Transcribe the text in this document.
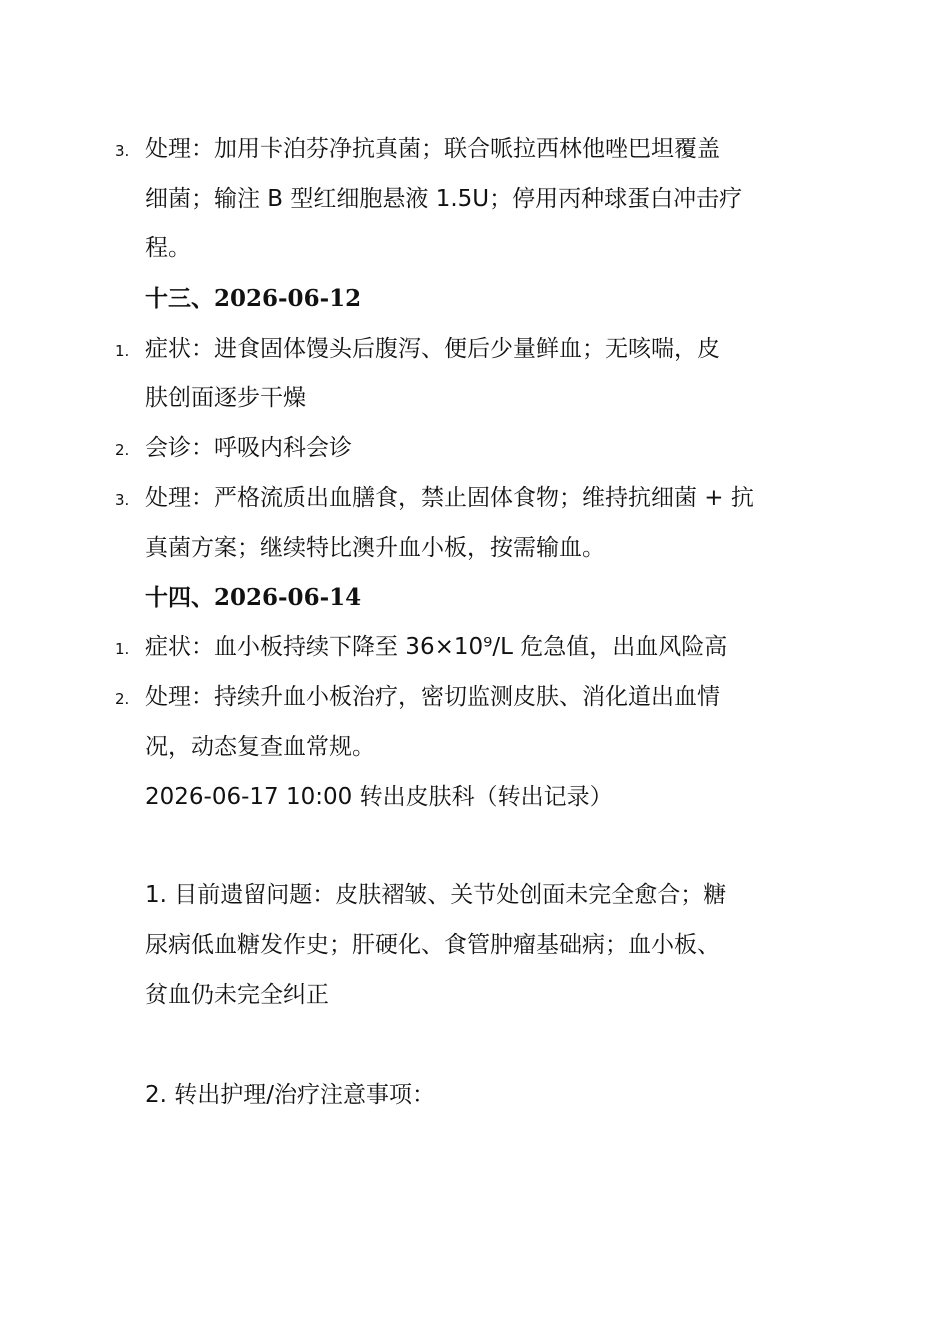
3. 处理：加用卡泊芬净抗真菌；联合哌拉西林他唑巴坦覆盖
细菌；输注 B 型红细胞悬液 1.5U；停用丙种球蛋白冲击疗
程。
十三、2026-06-12
1. 症状：进食固体馒头后腹泻、便后少量鲜血；无咳喘，皮
肤创面逐步干燥
2. 会诊：呼吸内科会诊
3. 处理：严格流质出血膳食，禁止固体食物；维持抗细菌 + 抗
真菌方案；继续特比澳升血小板，按需输血。
十四、2026-06-14
1. 症状：血小板持续下降至 36×10⁹/L 危急值，出血风险高
2. 处理：持续升血小板治疗，密切监测皮肤、消化道出血情
况，动态复查血常规。
2026-06-17 10:00 转出皮肤科（转出记录）
1. 目前遗留问题：皮肤褶皱、关节处创面未完全愈合；糖
尿病低血糖发作史；肝硬化、食管肿瘤基础病；血小板、
贫血仍未完全纠正
2. 转出护理/治疗注意事项：
